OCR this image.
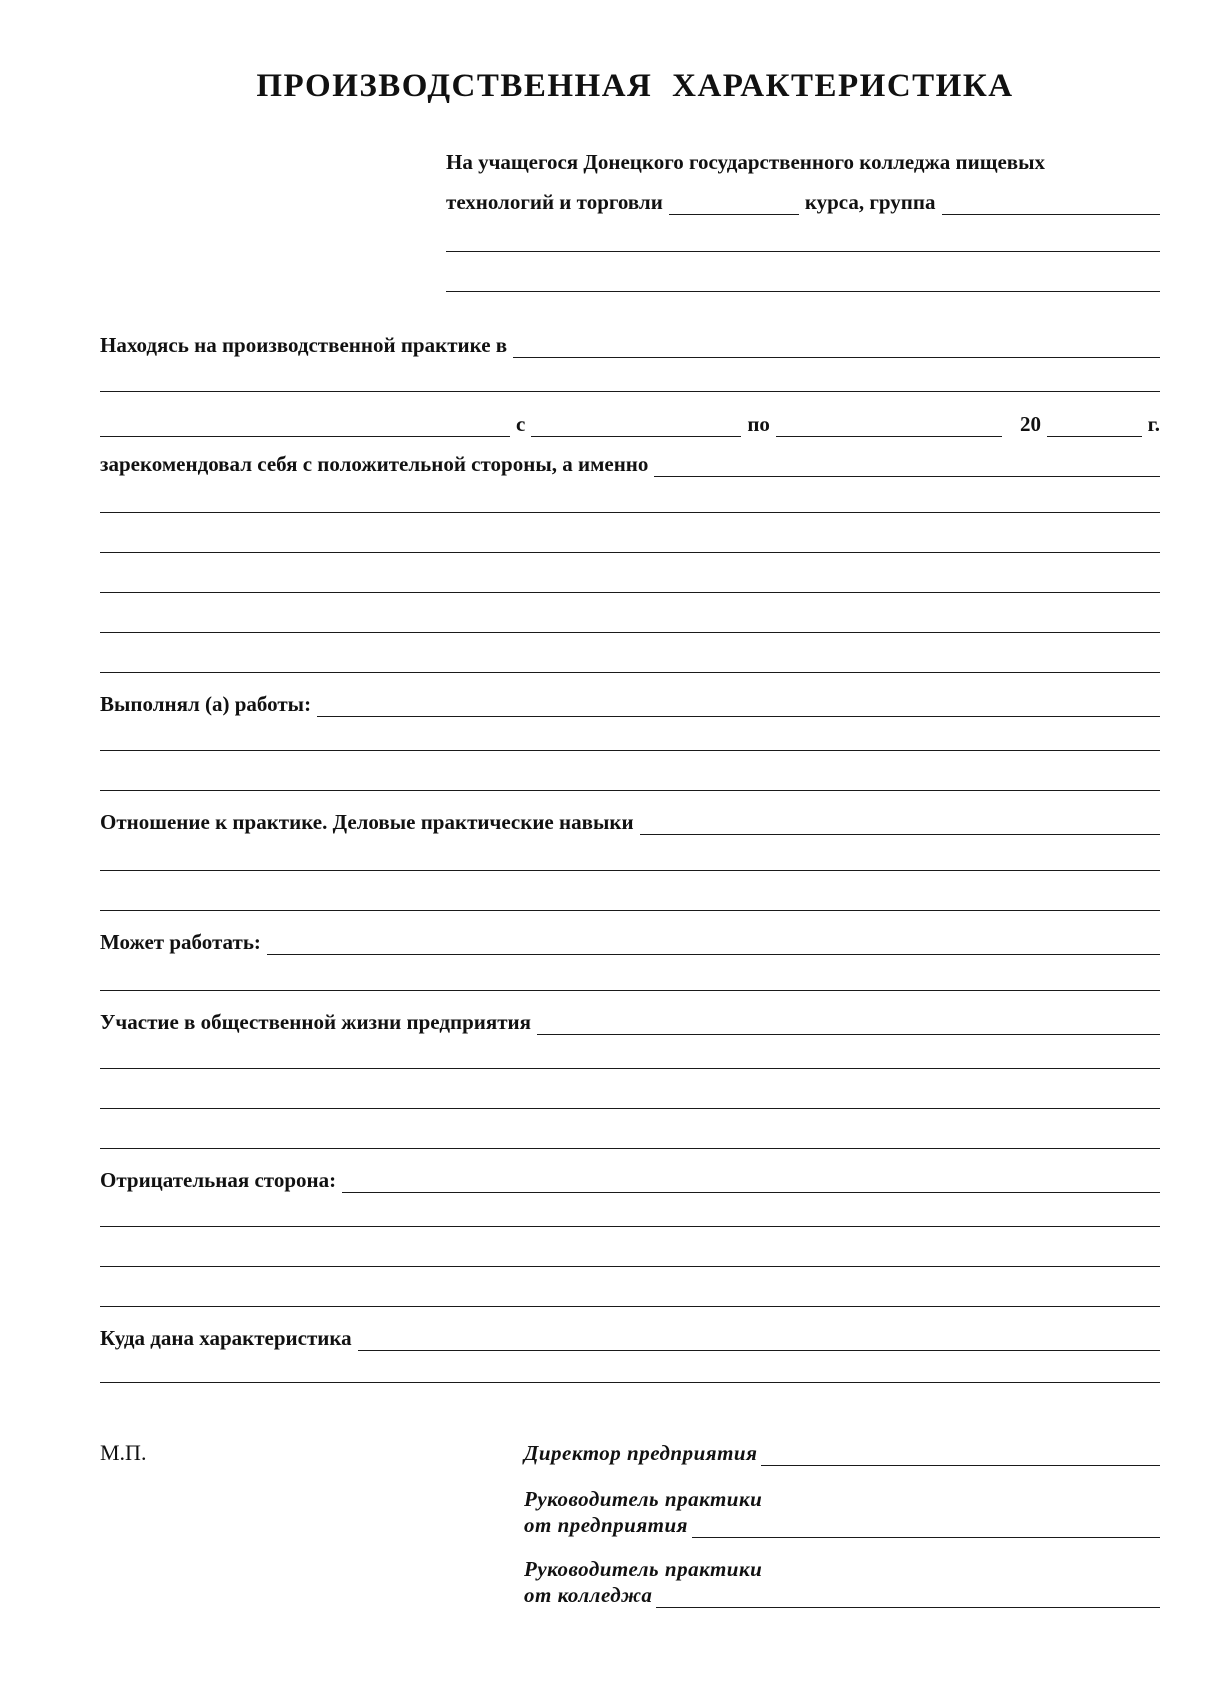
ПРОИЗВОДСТВЕННАЯ ХАРАКТЕРИСТИКА
На учащегося Донецкого государственного колледжа пищевых
технологий и торговли	курса, группа
Находясь на производственной практике в
с	по	20	г.
зарекомендовал себя с положительной стороны, а именно
Выполнял (а) работы:
Отношение к практике. Деловые практические навыки
Может работать:
Участие в общественной жизни предприятия
Отрицательная сторона:
Куда дана характеристика
М.П.	Директор предприятия
Руководитель практики
от предприятия
Руководитель практики
от колледжа
